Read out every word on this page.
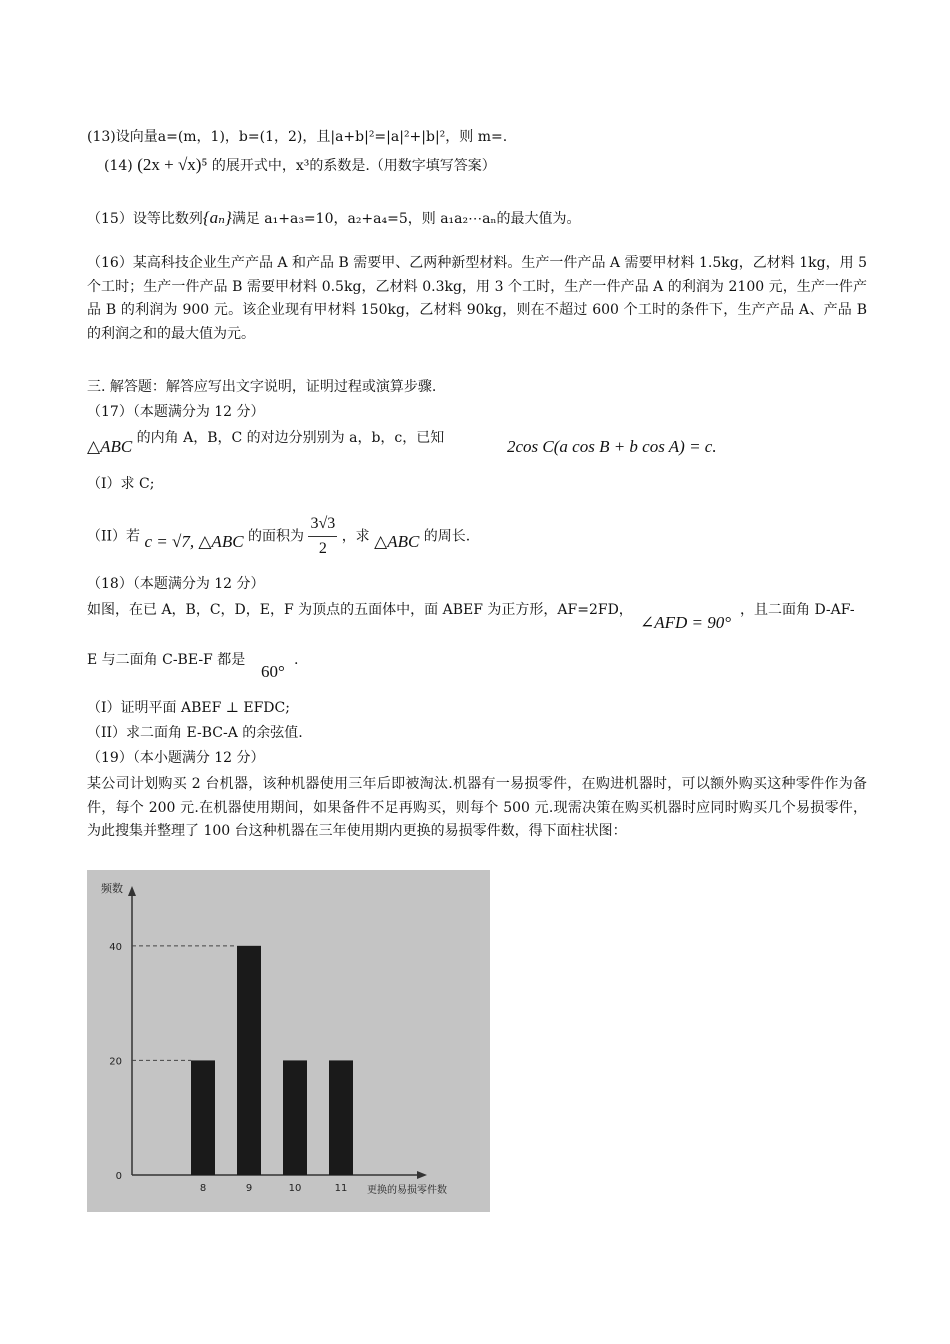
(13)设向量a=(m，1)，b=(1，2)，且|a+b|²=|a|²+|b|²，则 m=.
(14) (2x + √x)⁵ 的展开式中，x³的系数是.（用数字填写答案）
（15）设等比数列{aₙ}满足 a₁+a₃=10，a₂+a₄=5，则 a₁a₂⋯aₙ的最大值为。
（16）某高科技企业生产产品 A 和产品 B 需要甲、乙两种新型材料。生产一件产品 A 需要甲材料 1.5kg，乙材料 1kg，用 5 个工时；生产一件产品 B 需要甲材料 0.5kg，乙材料 0.3kg，用 3 个工时，生产一件产品 A 的利润为 2100 元，生产一件产品 B 的利润为 900 元。该企业现有甲材料 150kg，乙材料 90kg，则在不超过 600 个工时的条件下，生产产品 A、产品 B 的利润之和的最大值为元。
三. 解答题：解答应写出文字说明，证明过程或演算步骤.
（17）（本题满分为 12 分）
△ABC 的内角 A，B，C 的对边分别别为 a，b，c，已知	2cos C(a cos B + b cos A) = c.
（I）求 C;
（II）若 c = √7, △ABC 的面积为 $\frac{3√3}{2}$ ，求 △ABC 的周长.
（18）（本题满分为 12 分）
如图，在已 A，B，C，D，E，F 为顶点的五面体中，面 ABEF 为正方形，AF=2FD，
∠AFD = 90°
，且二面角 D-AF-
E 与二面角 C-BE-F 都是
60°
.
（I）证明平面 ABEF ⊥ EFDC;
（II）求二面角 E-BC-A 的余弦值.
（19）（本小题满分 12 分）
某公司计划购买 2 台机器，该种机器使用三年后即被淘汰.机器有一易损零件，在购进机器时，可以额外购买这种零件作为备件，每个 200 元.在机器使用期间，如果备件不足再购买，则每个 500 元.现需决策在购买机器时应同时购买几个易损零件，为此搜集并整理了 100 台这种机器在三年使用期内更换的易损零件数，得下面柱状图：
8	9	10	11
0
20
40
频数
更换的易损零件数
